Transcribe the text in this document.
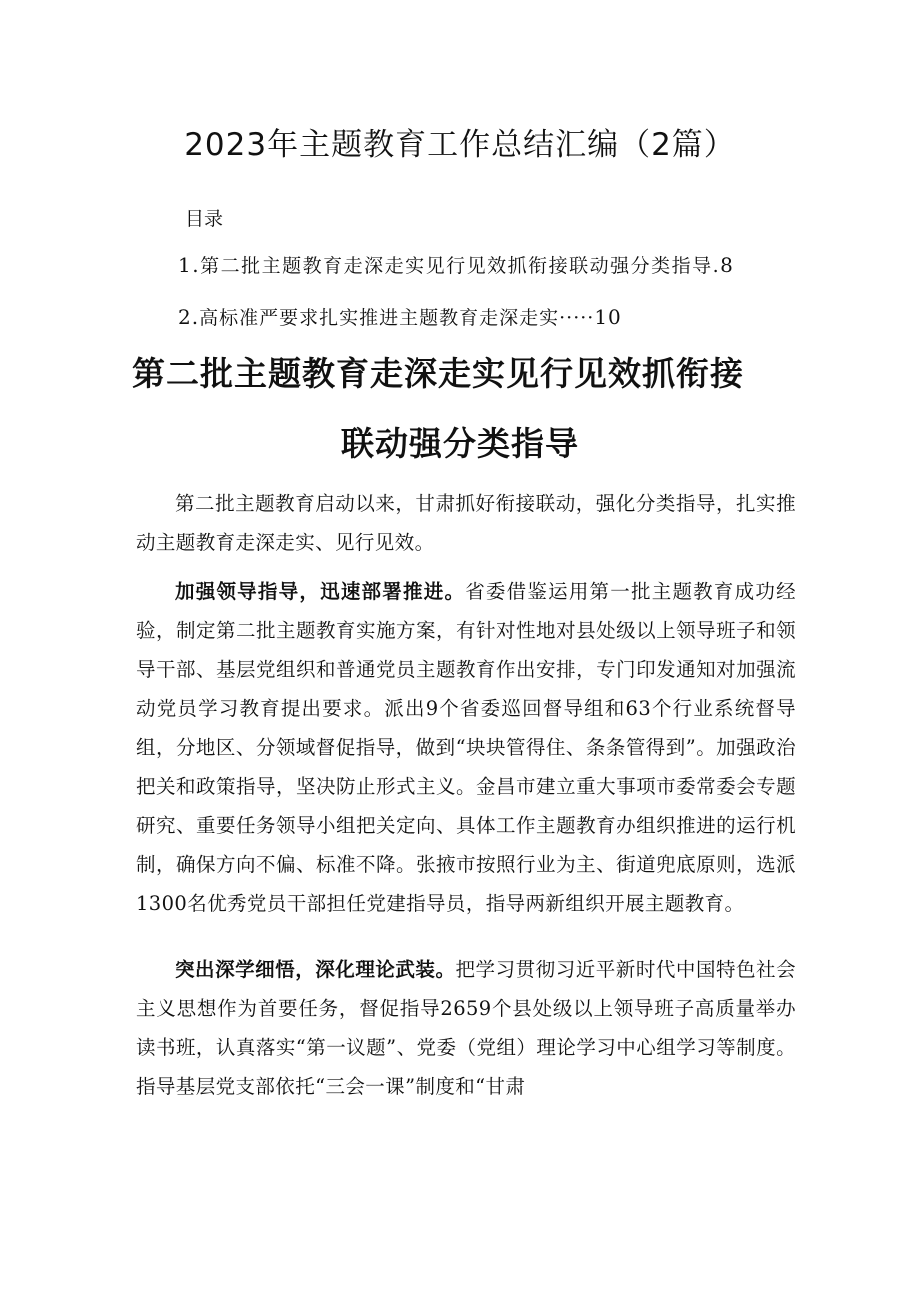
2023年主题教育工作总结汇编（2篇）
目录
1.第二批主题教育走深走实见行见效抓衔接联动强分类指导.8
2.高标准严要求扎实推进主题教育走深走实·····10
第二批主题教育走深走实见行见效抓衔接
联动强分类指导

第二批主题教育启动以来，甘肃抓好衔接联动，强化分类指导，扎实推动主题教育走深走实、见行见效。

加强领导指导，迅速部署推进。省委借鉴运用第一批主题教育成功经验，制定第二批主题教育实施方案，有针对性地对县处级以上领导班子和领导干部、基层党组织和普通党员主题教育作出安排，专门印发通知对加强流动党员学习教育提出要求。派出9个省委巡回督导组和63个行业系统督导组，分地区、分领域督促指导，做到“块块管得住、条条管得到”。加强政治把关和政策指导，坚决防止形式主义。金昌市建立重大事项市委常委会专题研究、重要任务领导小组把关定向、具体工作主题教育办组织推进的运行机制，确保方向不偏、标准不降。张掖市按照行业为主、街道兜底原则，选派1300名优秀党员干部担任党建指导员，指导两新组织开展主题教育。

突出深学细悟，深化理论武装。把学习贯彻习近平新时代中国特色社会主义思想作为首要任务，督促指导2659个县处级以上领导班子高质量举办读书班，认真落实“第一议题”、党委（党组）理论学习中心组学习等制度。指导基层党支部依托“三会一课”制度和“甘肃
